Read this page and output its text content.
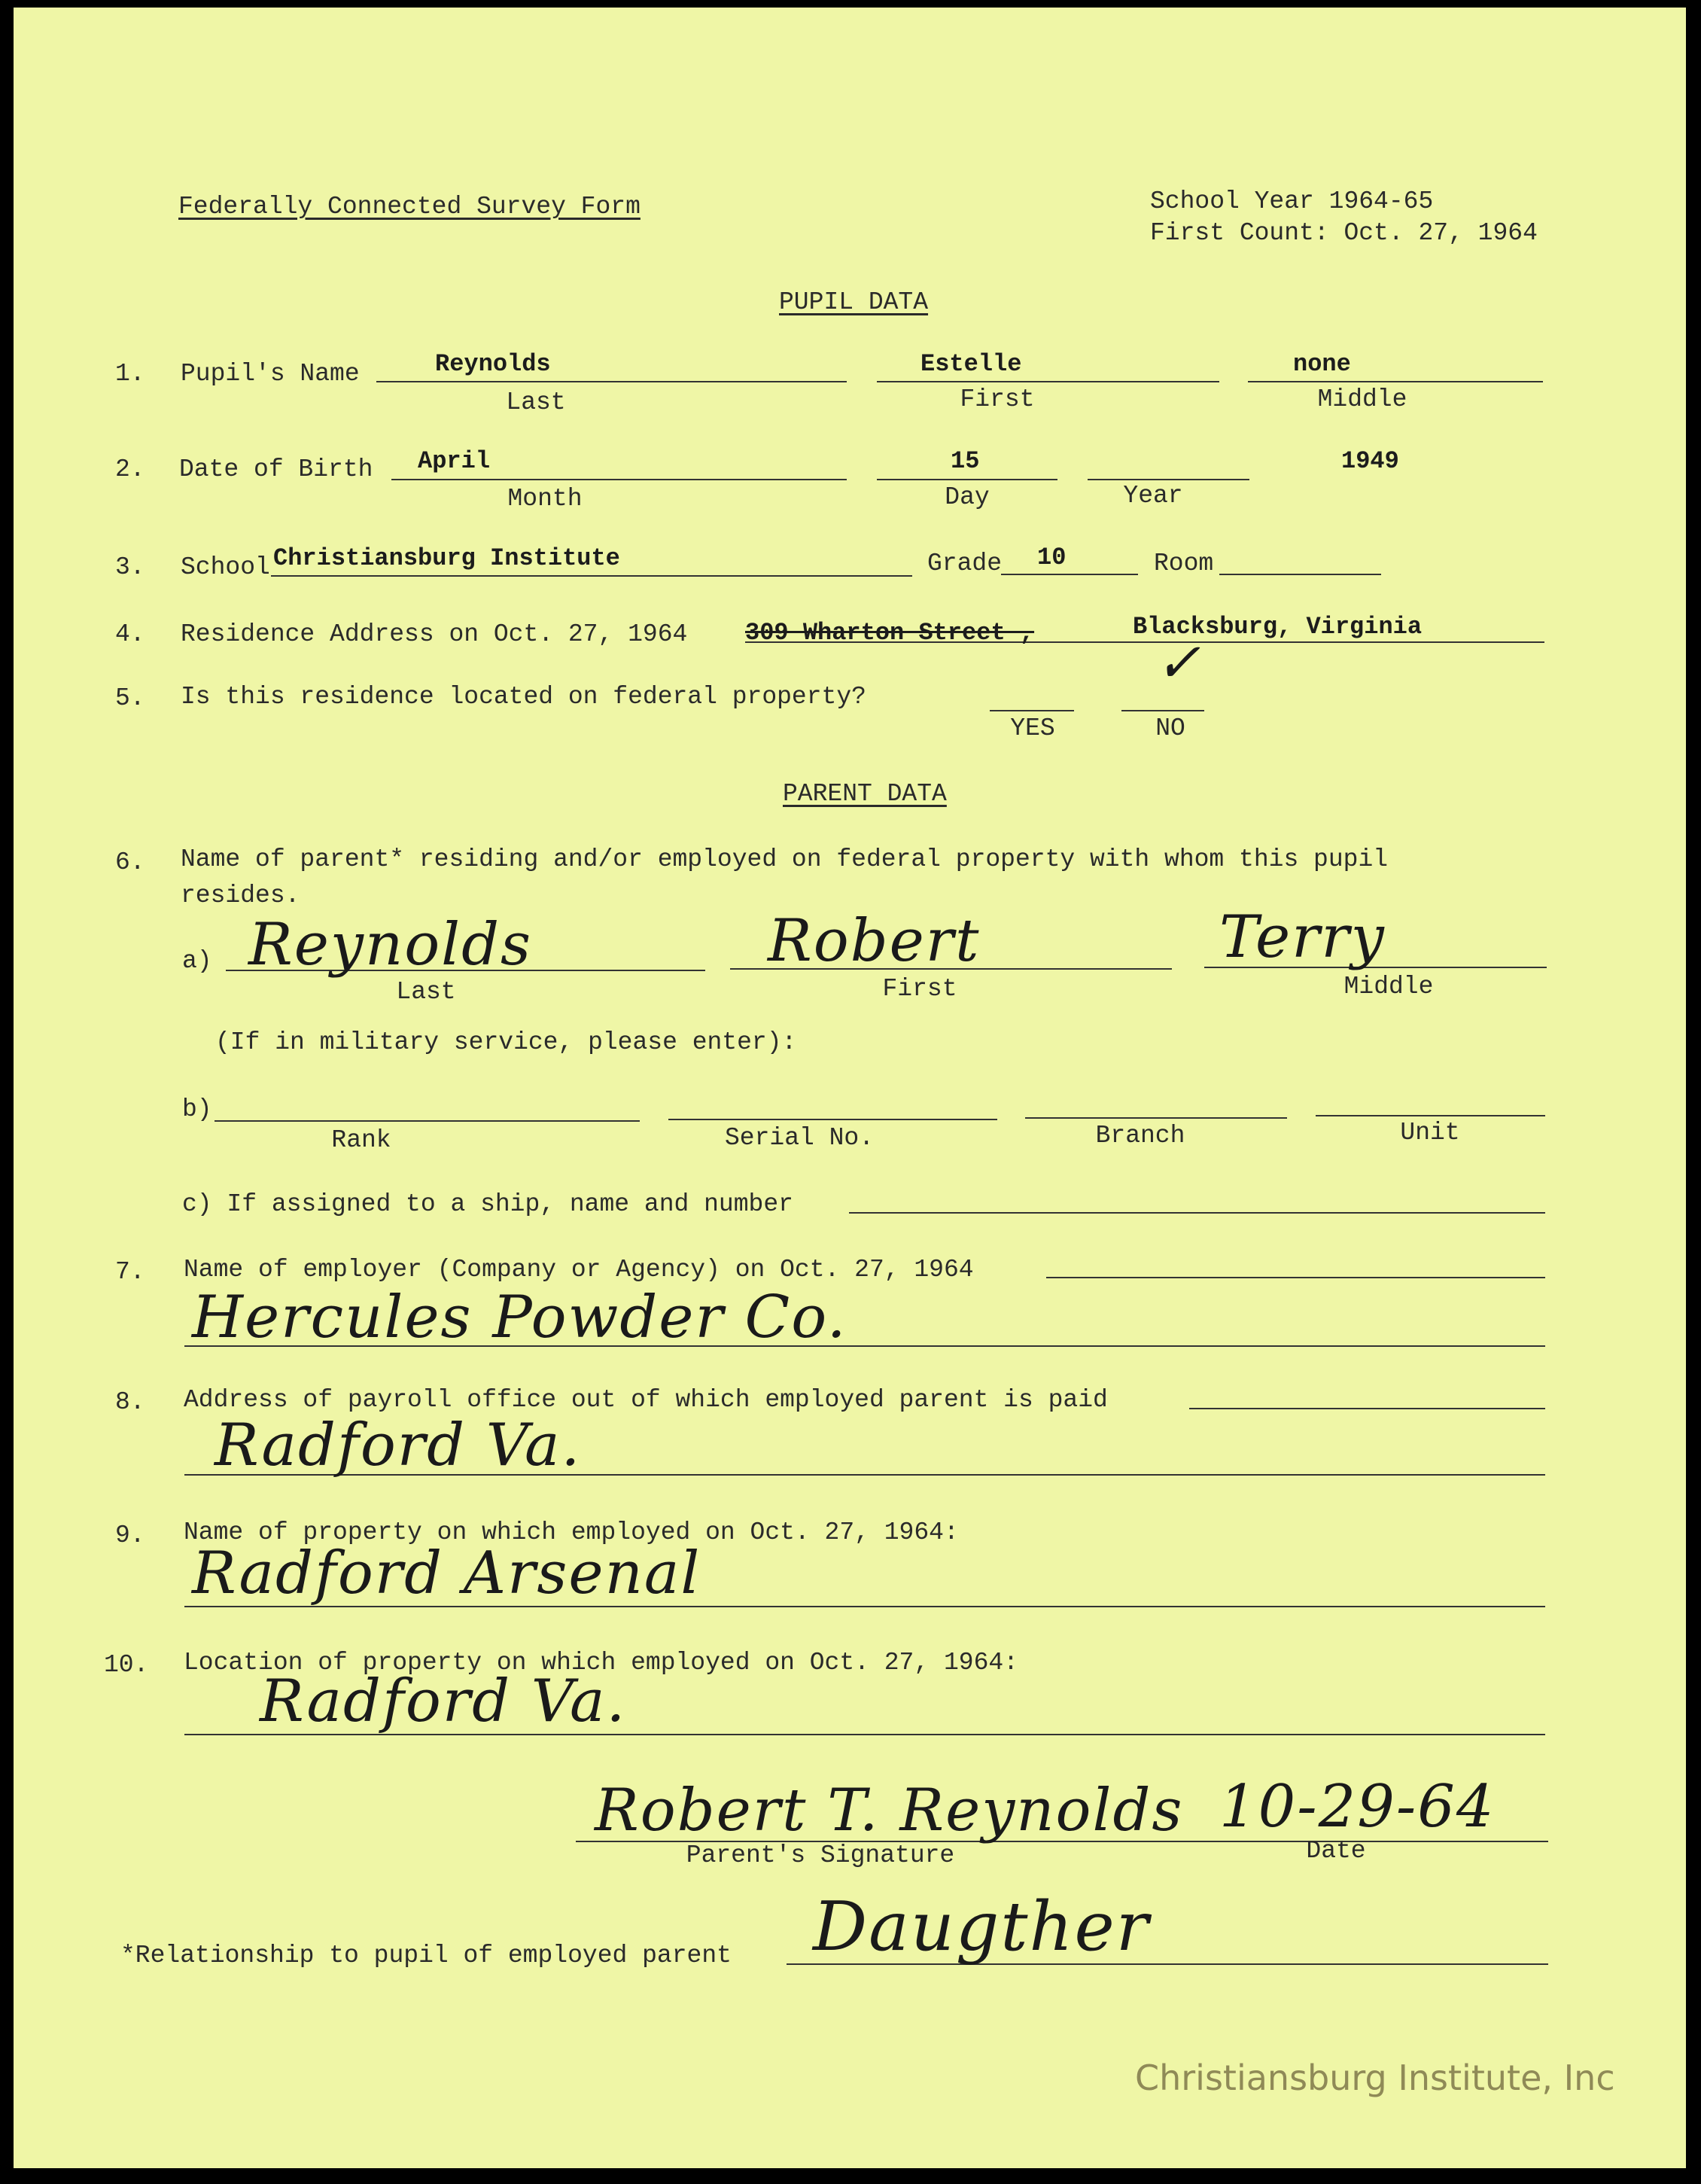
Federally Connected Survey Form	School Year 1964-65
First Count: Oct. 27, 1964
PUPIL DATA
1. Pupil's Name	Reynolds	Estelle	none
Last	First	Middle
2. Date of Birth April	15	1949
Month	Day	Year
3. School Christiansburg Institute	Grade 10	Room
4. Residence Address on Oct. 27, 1964 309 Wharton Street ,	Blacksburg, Virginia
5. Is this residence located on federal property?
YES	NO
✓
PARENT DATA
6. Name of parent* residing and/or employed on federal property with whom this pupil
resides.
a) Reynolds	Robert	Terry
Last	First	Middle
(If in military service, please enter):
b)
Rank	Serial No.	Branch	Unit
c) If assigned to a ship, name and number
7. Name of employer (Company or Agency) on Oct. 27, 1964
Hercules Powder Co.
8. Address of payroll office out of which employed parent is paid
Radford Va.
9. Name of property on which employed on Oct. 27, 1964:
Radford Arsenal
10. Location of property on which employed on Oct. 27, 1964:
Radford Va.
Robert T. Reynolds 10-29-64
Parent's Signature	Date
*Relationship to pupil of employed parent Daugther
Christiansburg Institute, Inc
